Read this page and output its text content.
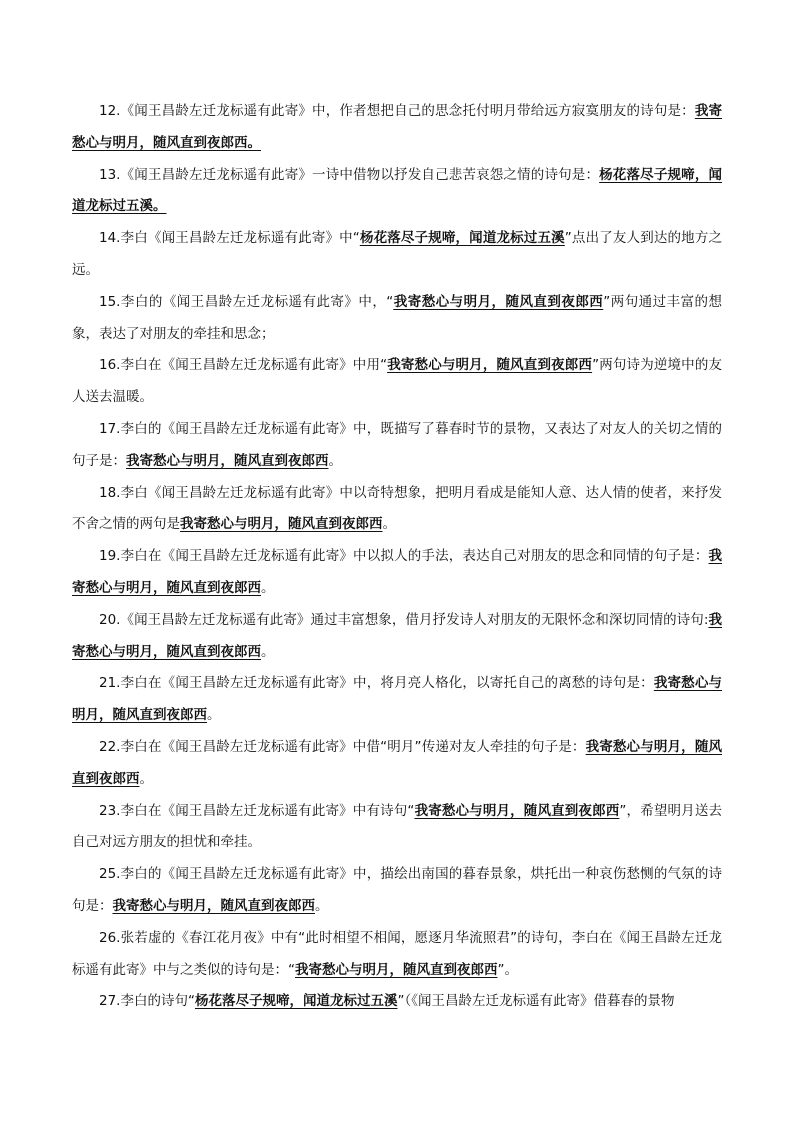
12.《闻王昌龄左迁龙标遥有此寄》中，作者想把自己的思念托付明月带给远方寂寞朋友的诗句是：我寄愁心与明月，随风直到夜郎西。

13.《闻王昌龄左迁龙标遥有此寄》一诗中借物以抒发自己悲苦哀怨之情的诗句是：杨花落尽子规啼，闻道龙标过五溪。

14.李白《闻王昌龄左迁龙标遥有此寄》中“杨花落尽子规啼，闻道龙标过五溪”点出了友人到达的地方之远。

15.李白的《闻王昌龄左迁龙标遥有此寄》中，“我寄愁心与明月，随风直到夜郎西”两句通过丰富的想象，表达了对朋友的牵挂和思念；

16.李白在《闻王昌龄左迁龙标遥有此寄》中用“我寄愁心与明月，随风直到夜郎西”两句诗为逆境中的友人送去温暖。

17.李白的《闻王昌龄左迁龙标遥有此寄》中，既描写了暮春时节的景物，又表达了对友人的关切之情的句子是：我寄愁心与明月，随风直到夜郎西。

18.李白《闻王昌龄左迁龙标遥有此寄》中以奇特想象，把明月看成是能知人意、达人情的使者，来抒发不舍之情的两句是我寄愁心与明月，随风直到夜郎西。

19.李白在《闻王昌龄左迁龙标遥有此寄》中以拟人的手法，表达自己对朋友的思念和同情的句子是：我寄愁心与明月，随风直到夜郎西。

20.《闻王昌龄左迁龙标遥有此寄》通过丰富想象，借月抒发诗人对朋友的无限怀念和深切同情的诗句:我寄愁心与明月，随风直到夜郎西。

21.李白在《闻王昌龄左迁龙标遥有此寄》中，将月亮人格化，以寄托自己的离愁的诗句是：我寄愁心与明月，随风直到夜郎西。

22.李白在《闻王昌龄左迁龙标遥有此寄》中借“明月”传递对友人牵挂的句子是：我寄愁心与明月，随风直到夜郎西。

23.李白在《闻王昌龄左迁龙标遥有此寄》中有诗句“我寄愁心与明月，随风直到夜郎西”，希望明月送去自己对远方朋友的担忧和牵挂。

25.李白的《闻王昌龄左迁龙标遥有此寄》中，描绘出南国的暮春景象，烘托出一种哀伤愁恻的气氛的诗句是：我寄愁心与明月，随风直到夜郎西。

26.张若虚的《春江花月夜》中有“此时相望不相闻，愿逐月华流照君”的诗句，李白在《闻王昌龄左迁龙标遥有此寄》中与之类似的诗句是：“我寄愁心与明月，随风直到夜郎西”。

27.李白的诗句“杨花落尽子规啼，闻道龙标过五溪”（《闻王昌龄左迁龙标遥有此寄》借暮春的景物
